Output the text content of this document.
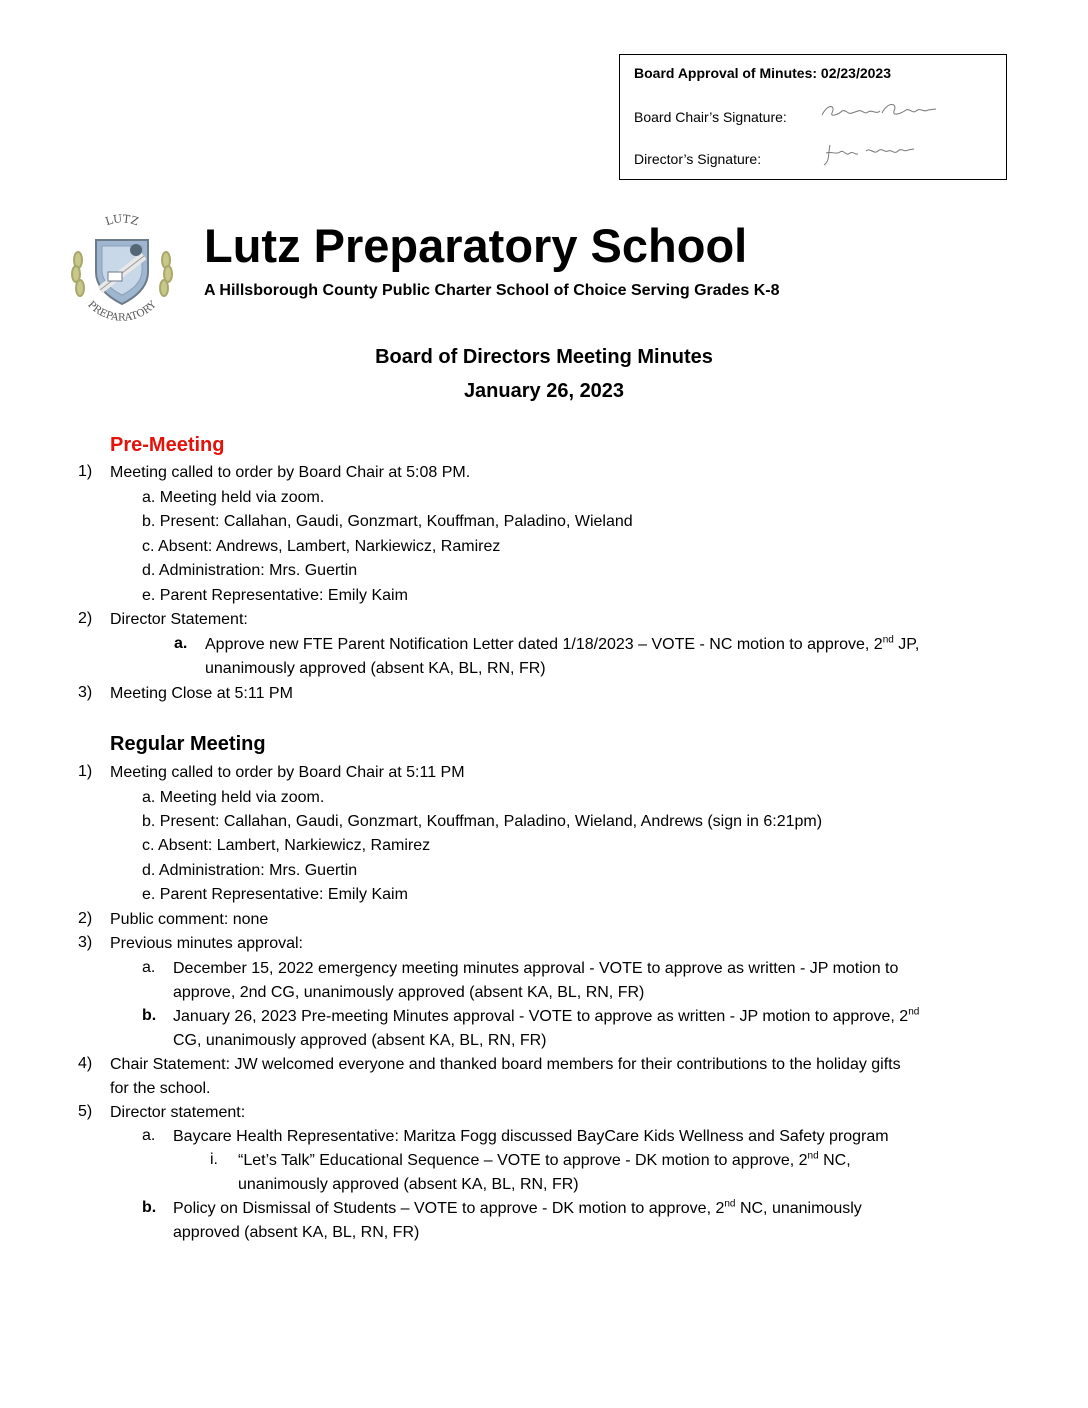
Board Approval of Minutes: 02/23/2023
Board Chair’s Signature:
Director’s Signature:
LUTZ
PREPARATORY
Lutz Preparatory School
A Hillsborough County Public Charter School of Choice Serving Grades K-8
Board of Directors Meeting Minutes
January 26, 2023
Pre-Meeting
1) Meeting called to order by Board Chair at 5:08 PM.
a. Meeting held via zoom.
b. Present: Callahan, Gaudi, Gonzmart, Kouffman, Paladino, Wieland
c. Absent: Andrews, Lambert, Narkiewicz, Ramirez
d. Administration: Mrs. Guertin
e. Parent Representative: Emily Kaim
2) Director Statement:
a. Approve new FTE Parent Notification Letter dated 1/18/2023 – VOTE - NC motion to approve, 2nd JP,
unanimously approved (absent KA, BL, RN, FR)
3) Meeting Close at 5:11 PM
Regular Meeting
1) Meeting called to order by Board Chair at 5:11 PM
a. Meeting held via zoom.
b. Present: Callahan, Gaudi, Gonzmart, Kouffman, Paladino, Wieland, Andrews (sign in 6:21pm)
c. Absent: Lambert, Narkiewicz, Ramirez
d. Administration: Mrs. Guertin
e. Parent Representative: Emily Kaim
2) Public comment: none
3) Previous minutes approval:
a. December 15, 2022 emergency meeting minutes approval - VOTE to approve as written - JP motion to
approve, 2nd CG, unanimously approved (absent KA, BL, RN, FR)
b. January 26, 2023 Pre-meeting Minutes approval - VOTE to approve as written - JP motion to approve, 2nd
CG, unanimously approved (absent KA, BL, RN, FR)
4) Chair Statement: JW welcomed everyone and thanked board members for their contributions to the holiday gifts
for the school.
5) Director statement:
a. Baycare Health Representative: Maritza Fogg discussed BayCare Kids Wellness and Safety program
i. “Let’s Talk” Educational Sequence – VOTE to approve - DK motion to approve, 2nd NC,
unanimously approved (absent KA, BL, RN, FR)
b. Policy on Dismissal of Students – VOTE to approve - DK motion to approve, 2nd NC, unanimously
approved (absent KA, BL, RN, FR)
